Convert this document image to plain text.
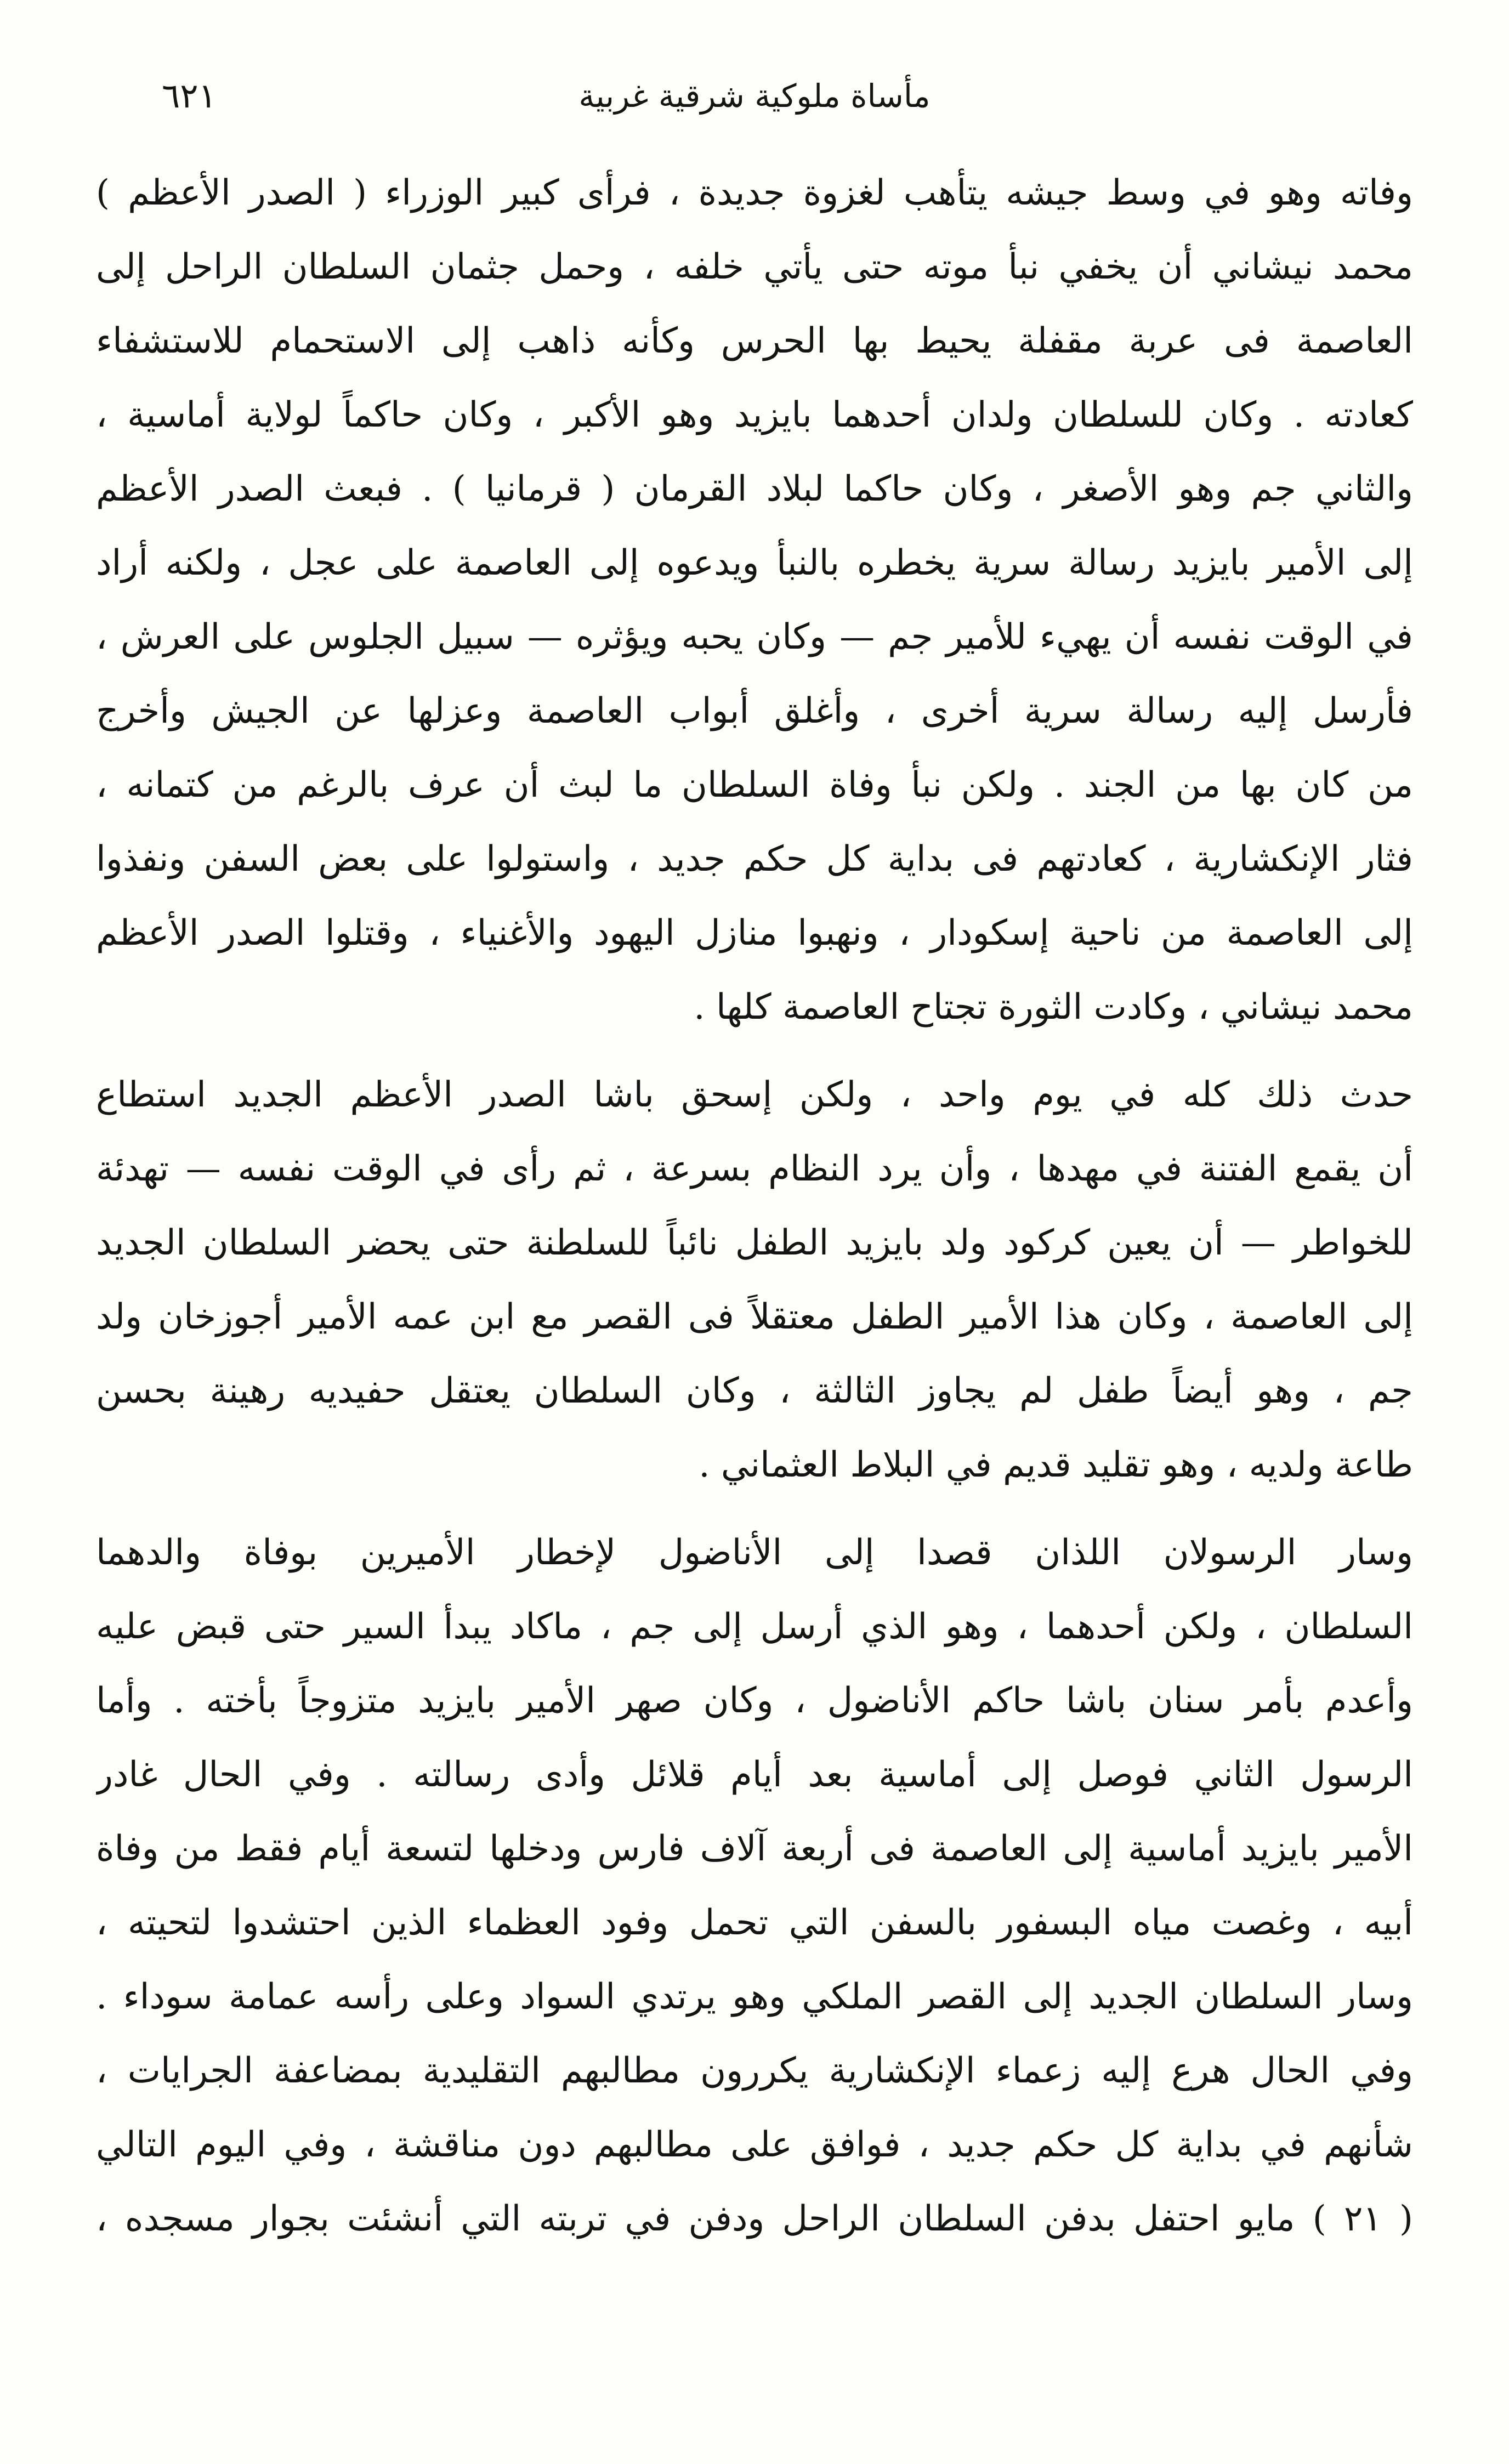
مأساة ملوكية شرقية غربية
٦٢١
وفاته وهو في وسط جيشه يتأهب لغزوة جديدة ، فرأى كبير الوزراء ( الصدر الأعظم )
محمد نيشاني أن يخفي نبأ موته حتى يأتي خلفه ، وحمل جثمان السلطان الراحل إلى
العاصمة فى عربة مقفلة يحيط بها الحرس وكأنه ذاهب إلى الاستحمام للاستشفاء
كعادته . وكان للسلطان ولدان أحدهما بايزيد وهو الأكبر ، وكان حاكماً لولاية أماسية ،
والثاني جم وهو الأصغر ، وكان حاكما لبلاد القرمان ( قرمانيا ) . فبعث الصدر الأعظم
إلى الأمير بايزيد رسالة سرية يخطره بالنبأ ويدعوه إلى العاصمة على عجل ، ولكنه أراد
في الوقت نفسه أن يهيء للأمير جم — وكان يحبه ويؤثره — سبيل الجلوس على العرش ،
فأرسل إليه رسالة سرية أخرى ، وأغلق أبواب العاصمة وعزلها عن الجيش وأخرج
من كان بها من الجند . ولكن نبأ وفاة السلطان ما لبث أن عرف بالرغم من كتمانه ،
فثار الإنكشارية ، كعادتهم فى بداية كل حكم جديد ، واستولوا على بعض السفن ونفذوا
إلى العاصمة من ناحية إسكودار ، ونهبوا منازل اليهود والأغنياء ، وقتلوا الصدر الأعظم
محمد نيشاني ، وكادت الثورة تجتاح العاصمة كلها .
حدث ذلك كله في يوم واحد ، ولكن إسحق باشا الصدر الأعظم الجديد استطاع
أن يقمع الفتنة في مهدها ، وأن يرد النظام بسرعة ، ثم رأى في الوقت نفسه — تهدئة
للخواطر — أن يعين كركود ولد بايزيد الطفل نائباً للسلطنة حتى يحضر السلطان الجديد
إلى العاصمة ، وكان هذا الأمير الطفل معتقلاً فى القصر مع ابن عمه الأمير أجوزخان ولد
جم ، وهو أيضاً طفل لم يجاوز الثالثة ، وكان السلطان يعتقل حفيديه رهينة بحسن
طاعة ولديه ، وهو تقليد قديم في البلاط العثماني .
وسار الرسولان اللذان قصدا إلى الأناضول لإخطار الأميرين بوفاة والدهما
السلطان ، ولكن أحدهما ، وهو الذي أرسل إلى جم ، ماكاد يبدأ السير حتى قبض عليه
وأعدم بأمر سنان باشا حاكم الأناضول ، وكان صهر الأمير بايزيد متزوجاً بأخته . وأما
الرسول الثاني فوصل إلى أماسية بعد أيام قلائل وأدى رسالته . وفي الحال غادر
الأمير بايزيد أماسية إلى العاصمة فى أربعة آلاف فارس ودخلها لتسعة أيام فقط من وفاة
أبيه ، وغصت مياه البسفور بالسفن التي تحمل وفود العظماء الذين احتشدوا لتحيته ،
وسار السلطان الجديد إلى القصر الملكي وهو يرتدي السواد وعلى رأسه عمامة سوداء .
وفي الحال هرع إليه زعماء الإنكشارية يكررون مطالبهم التقليدية بمضاعفة الجرايات ،
شأنهم في بداية كل حكم جديد ، فوافق على مطالبهم دون مناقشة ، وفي اليوم التالي
( ٢١ ) مايو احتفل بدفن السلطان الراحل ودفن في تربته التي أنشئت بجوار مسجده ،
